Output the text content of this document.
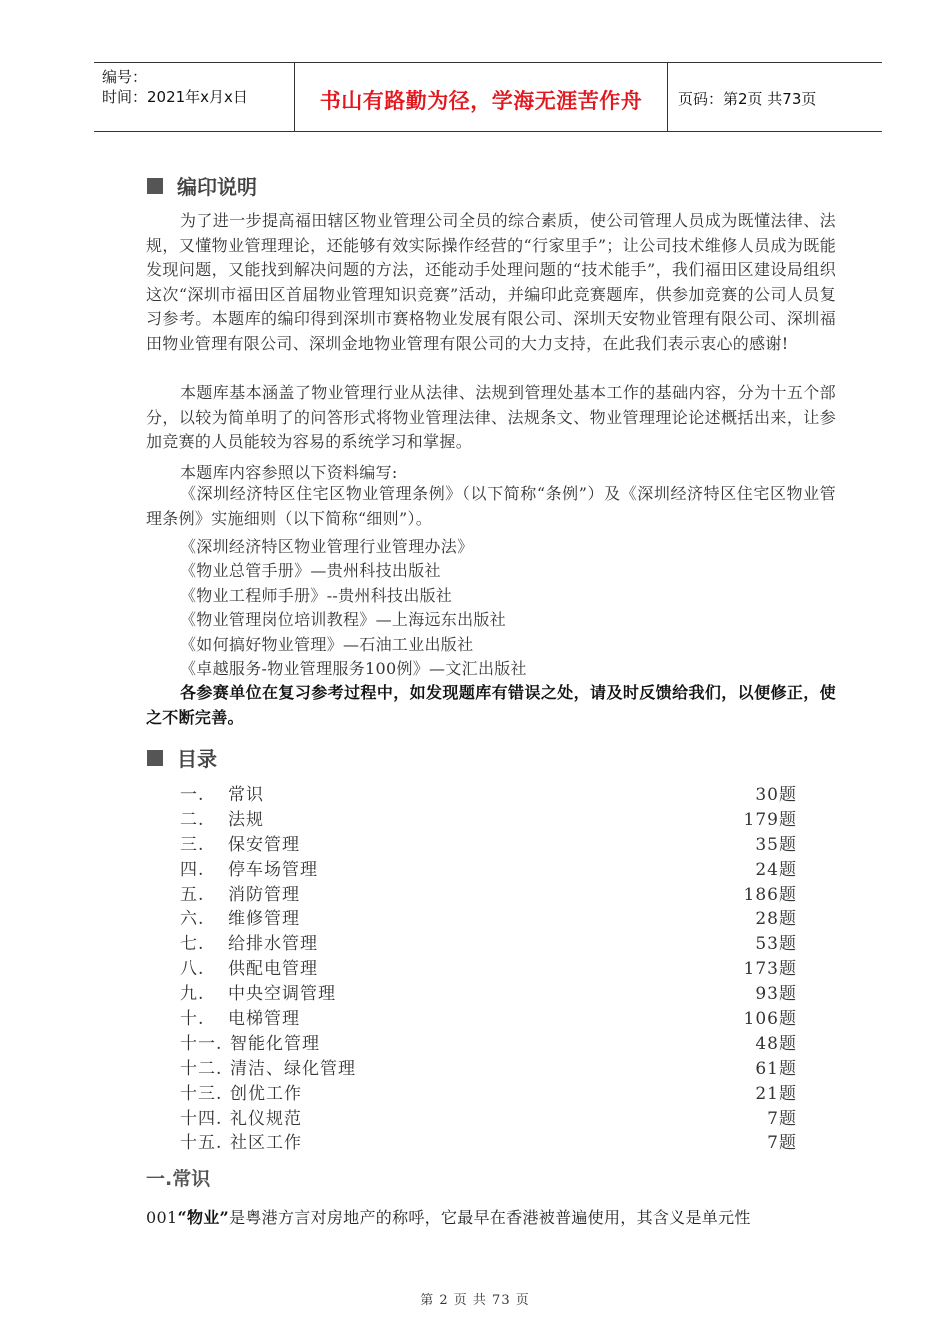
编号：
时间：2021年x月x日	书山有路勤为径，学海无涯苦作舟	页码：第2页 共73页
编印说明
为了进一步提高福田辖区物业管理公司全员的综合素质，使公司管理人员成为既懂法律、法规，又懂物业管理理论，还能够有效实际操作经营的“行家里手”；让公司技术维修人员成为既能发现问题，又能找到解决问题的方法，还能动手处理问题的“技术能手”，我们福田区建设局组织这次“深圳市福田区首届物业管理知识竞赛”活动，并编印此竞赛题库，供参加竞赛的公司人员复习参考。本题库的编印得到深圳市赛格物业发展有限公司、深圳天安物业管理有限公司、深圳福田物业管理有限公司、深圳金地物业管理有限公司的大力支持，在此我们表示衷心的感谢!
本题库基本涵盖了物业管理行业从法律、法规到管理处基本工作的基础内容，分为十五个部分，以较为简单明了的问答形式将物业管理法律、法规条文、物业管理理论论述概括出来，让参加竞赛的人员能较为容易的系统学习和掌握。
本题库内容参照以下资料编写:
《深圳经济特区住宅区物业管理条例》（以下简称“条例”）及《深圳经济特区住宅区物业管理条例》实施细则（以下简称“细则”）。
《深圳经济特区物业管理行业管理办法》
《物业总管手册》—贵州科技出版社
《物业工程师手册》--贵州科技出版社
《物业管理岗位培训教程》—上海远东出版社
《如何搞好物业管理》—石油工业出版社
《卓越服务-物业管理服务100例》—文汇出版社
各参赛单位在复习参考过程中，如发现题库有错误之处，请及时反馈给我们，以便修正，使之不断完善。
目录
一. 常识	30题
二. 法规	179题
三. 保安管理	35题
四. 停车场管理	24题
五. 消防管理	186题
六. 维修管理	28题
七. 给排水管理	53题
八. 供配电管理	173题
九. 中央空调管理	93题
十. 电梯管理	106题
十一. 智能化管理	48题
十二. 清洁、绿化管理	61题
十三. 创优工作	21题
十四. 礼仪规范	7题
十五. 社区工作	7题
一.常识
001“物业”是粤港方言对房地产的称呼，它最早在香港被普遍使用，其含义是单元性
第 2 页 共 73 页
